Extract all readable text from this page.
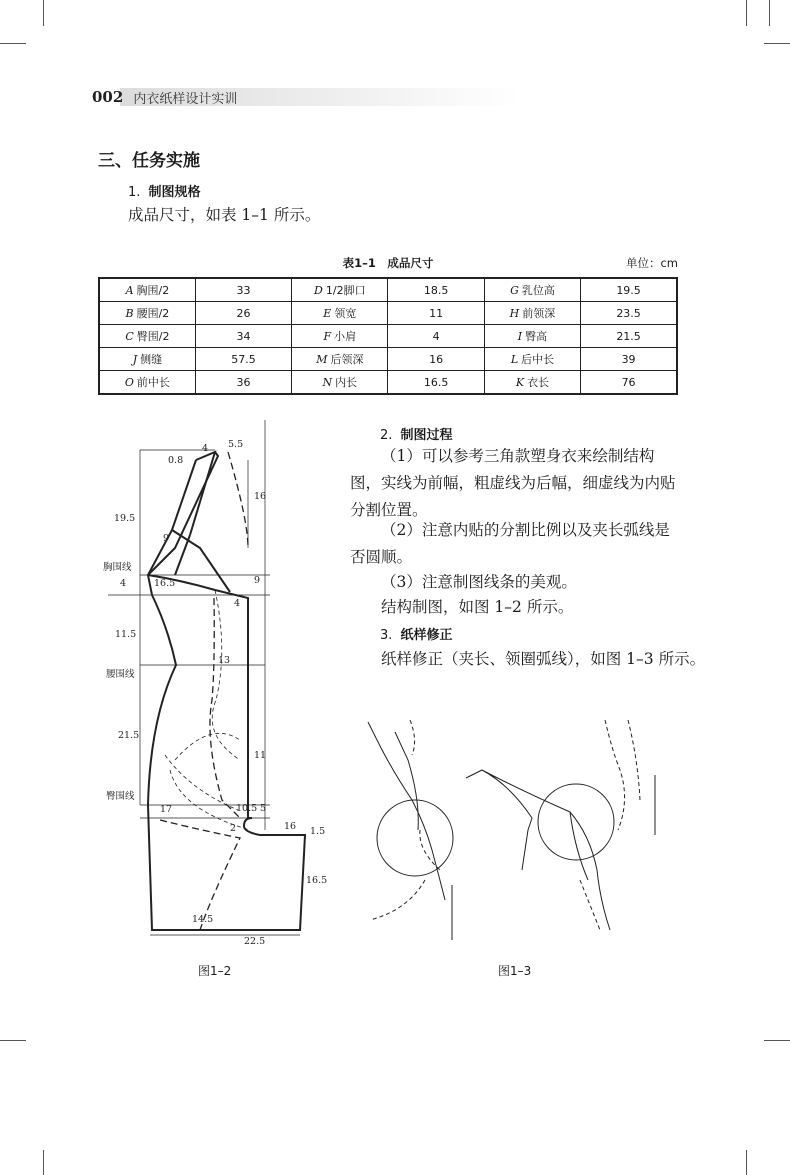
002 内衣纸样设计实训
三、任务实施
1. 制图规格
成品尺寸，如表 1–1 所示。
表1–1　成品尺寸	单位：cm
A 胸围/2	33	D 1/2脚口	18.5	G 乳位高	19.5
B 腰围/2	26	E 领宽	11	H 前领深	23.5
C 臀围/2	34	F 小肩	4	I 臀高	21.5
J 侧缝	57.5	M 后领深	16	L 后中长	39
O 前中长	36	N 内长	16.5	K 衣长	76
0.8
4 5.5
16
19.5
9
胸围线
4	16.5	9
4
11.5
13
腰围线
21.5
11
臀围线
17	10.5 5
2	16 1.5
16.5
14.5
22.5
图1–2
2. 制图过程
（1）可以参考三角款塑身衣来绘制结构图，实线为前幅，粗虚线为后幅，细虚线为内贴分割位置。
（2）注意内贴的分割比例以及夹长弧线是否圆顺。
（3）注意制图线条的美观。
结构制图，如图 1–2 所示。
3. 纸样修正
纸样修正（夹长、领圈弧线），如图 1–3 所示。
图1–3
